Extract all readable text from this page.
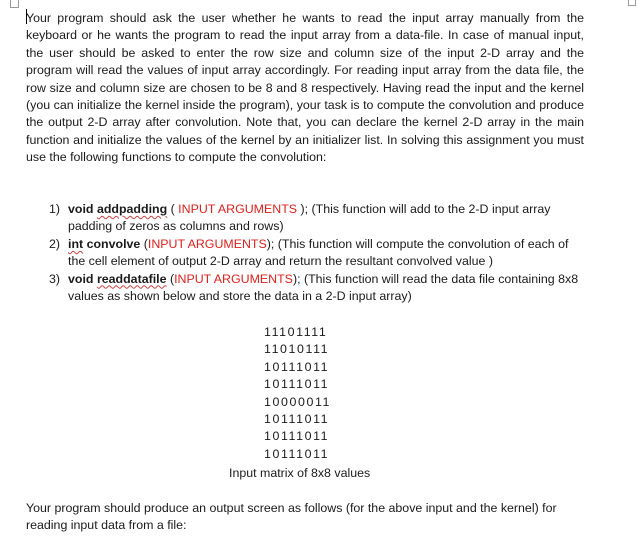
Your program should ask the user whether he wants to read the input array manually from the keyboard or he wants the program to read the input array from a data-file. In case of manual input, the user should be asked to enter the row size and column size of the input 2-D array and the program will read the values of input array accordingly. For reading input array from the data file, the row size and column size are chosen to be 8 and 8 respectively. Having read the input and the kernel (you can initialize the kernel inside the program), your task is to compute the convolution and produce the output 2-D array after convolution. Note that, you can declare the kernel 2-D array in the main function and initialize the values of the kernel by an initializer list. In solving this assignment you must use the following functions to compute the convolution:

1) void addpadding ( INPUT ARGUMENTS ); (This function will add to the 2-D input array padding of zeros as columns and rows)
2) int convolve (INPUT ARGUMENTS); (This function will compute the convolution of each of the cell element of output 2-D array and return the resultant convolved value )
3) void readdatafile (INPUT ARGUMENTS); (This function will read the data file containing 8x8 values as shown below and store the data in a 2-D input array)
11101111
11010111
10111011
10111011
10000011
10111011
10111011
10111011

Input matrix of 8x8 values

Your program should produce an output screen as follows (for the above input and the kernel) for reading input data from a file:
